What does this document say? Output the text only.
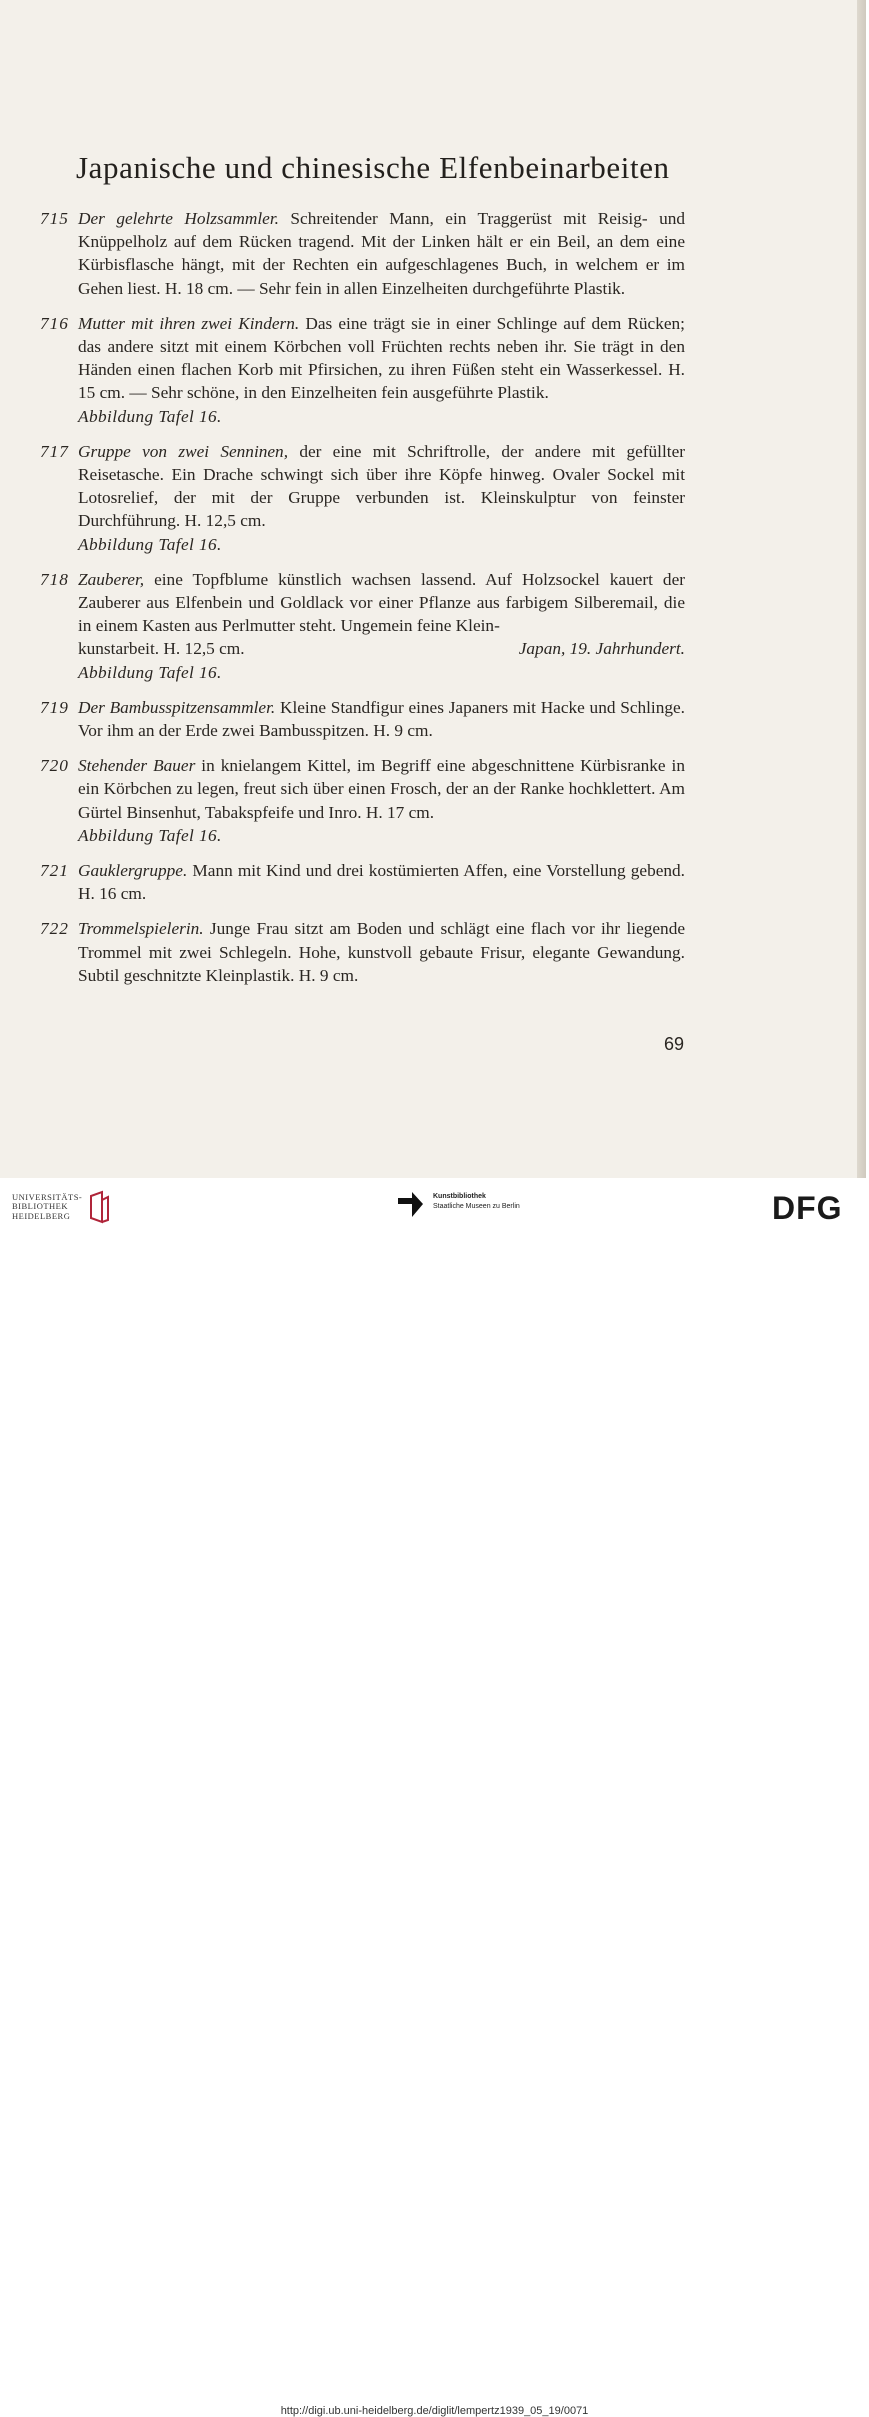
Japanische und chinesische Elfenbeinarbeiten
715 Der gelehrte Holzsammler. Schreitender Mann, ein Traggerüst mit Reisig- und Knüppelholz auf dem Rücken tragend. Mit der Linken hält er ein Beil, an dem eine Kürbisflasche hängt, mit der Rechten ein aufgeschlagenes Buch, in welchem er im Gehen liest. H. 18 cm. — Sehr fein in allen Einzelheiten durchgeführte Plastik.
716 Mutter mit ihren zwei Kindern. Das eine trägt sie in einer Schlinge auf dem Rücken; das andere sitzt mit einem Körbchen voll Früchten rechts neben ihr. Sie trägt in den Händen einen flachen Korb mit Pfirsichen, zu ihren Füßen steht ein Wasserkessel. H. 15 cm. — Sehr schöne, in den Einzelheiten fein ausgeführte Plastik.
Abbildung Tafel 16.
717 Gruppe von zwei Senninen, der eine mit Schriftrolle, der andere mit gefüllter Reisetasche. Ein Drache schwingt sich über ihre Köpfe hinweg. Ovaler Sockel mit Lotosrelief, der mit der Gruppe verbunden ist. Kleinskulptur von feinster Durchführung. H. 12,5 cm.
Abbildung Tafel 16.
718 Zauberer, eine Topfblume künstlich wachsen lassend. Auf Holzsockel kauert der Zauberer aus Elfenbein und Goldlack vor einer Pflanze aus farbigem Silberemail, die in einem Kasten aus Perlmutter steht. Ungemein feine Klein-
kunstarbeit. H. 12,5 cm.	Japan, 19. Jahrhundert.
Abbildung Tafel 16.
719 Der Bambusspitzensammler. Kleine Standfigur eines Japaners mit Hacke und Schlinge. Vor ihm an der Erde zwei Bambusspitzen. H. 9 cm.
720 Stehender Bauer in knielangem Kittel, im Begriff eine abgeschnittene Kürbisranke in ein Körbchen zu legen, freut sich über einen Frosch, der an der Ranke hochklettert. Am Gürtel Binsenhut, Tabakspfeife und Inro. H. 17 cm.
Abbildung Tafel 16.
721 Gauklergruppe. Mann mit Kind und drei kostümierten Affen, eine Vorstellung gebend. H. 16 cm.
722 Trommelspielerin. Junge Frau sitzt am Boden und schlägt eine flach vor ihr liegende Trommel mit zwei Schlegeln. Hohe, kunstvoll gebaute Frisur, elegante Gewandung. Subtil geschnitzte Kleinplastik. H. 9 cm.
69
UNIVERSITÄTS-
BIBLIOTHEK
HEIDELBERG
Kunstbibliothek
Staatliche Museen zu Berlin	DFG
http://digi.ub.uni-heidelberg.de/diglit/lempertz1939_05_19/0071
